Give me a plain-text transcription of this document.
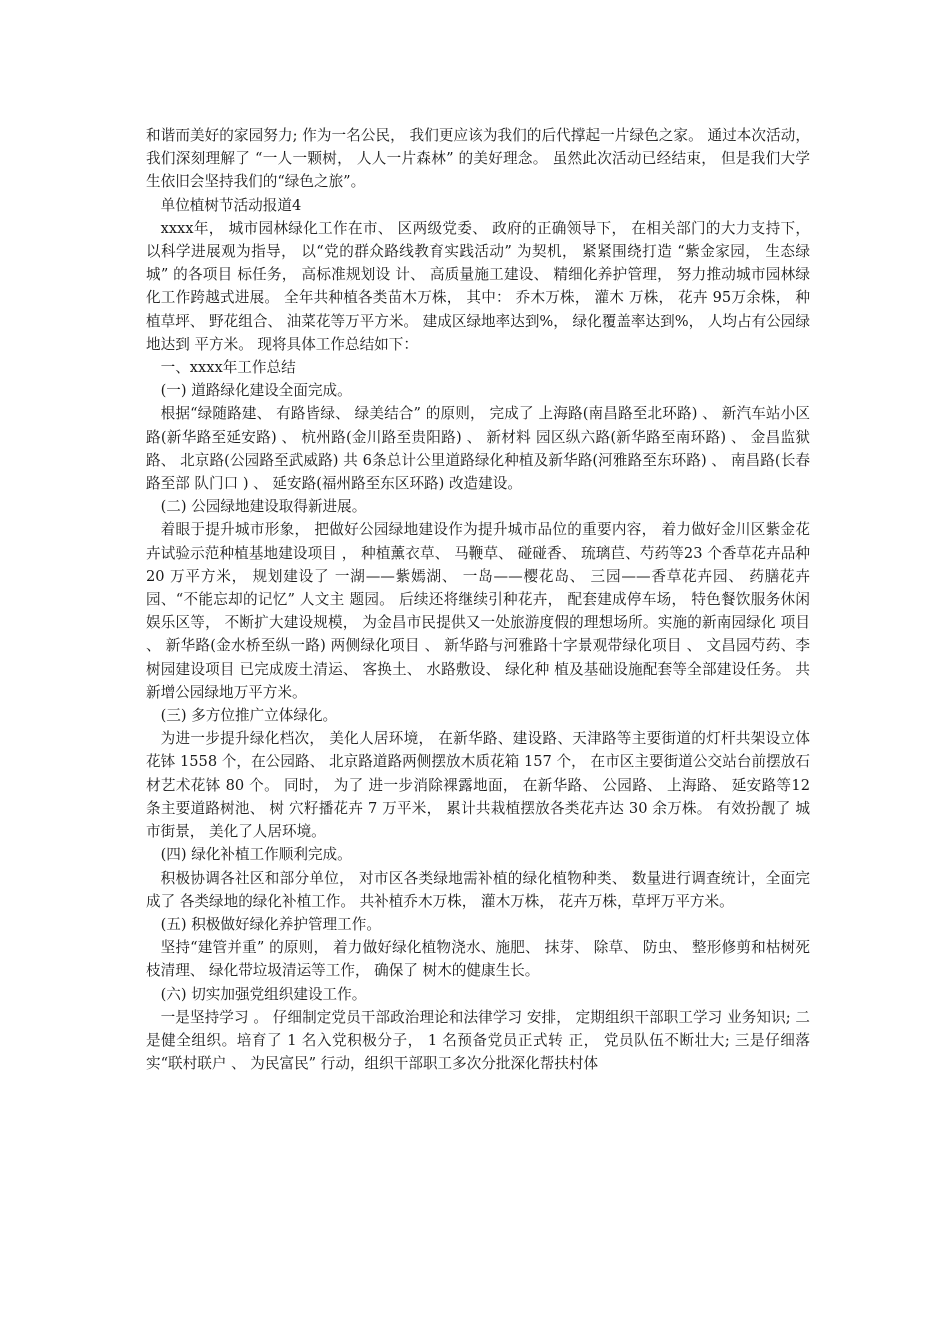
和谐而美好的家园努力; 作为一名公民， 我们更应该为我们的后代撑起一片绿色之家。 通过本次活动， 我们深刻理解了 “一人一颗树， 人人一片森林” 的美好理念。 虽然此次活动已经结束， 但是我们大学生依旧会坚持我们的“绿色之旅”。

单位植树节活动报道4

xxxx年， 城市园林绿化工作在市、 区两级党委、 政府的正确领导下， 在相关部门的大力支持下， 以科学进展观为指导， 以“党的群众路线教育实践活动” 为契机， 紧紧围绕打造 “紫金家园， 生态绿城” 的各项目 标任务， 高标准规划设 计、 高质量施工建设、 精细化养护管理， 努力推动城市园林绿化工作跨越式进展。 全年共种植各类苗木万株， 其中： 乔木万株， 灌木 万株， 花卉 95万余株， 种植草坪、 野花组合、 油菜花等万平方米。 建成区绿地率达到%， 绿化覆盖率达到%， 人均占有公园绿地达到 平方米。 现将具体工作总结如下：

一、xxxx年工作总结

(一) 道路绿化建设全面完成。

根据“绿随路建、 有路皆绿、 绿美结合” 的原则， 完成了 上海路(南昌路至北环路) 、 新汽车站小区路(新华路至延安路) 、 杭州路(金川路至贵阳路) 、 新材料 园区纵六路(新华路至南环路) 、 金昌监狱路、 北京路(公园路至武威路) 共 6条总计公里道路绿化种植及新华路(河雅路至东环路) 、 南昌路(长春路至部 队门口 ) 、 延安路(福州路至东区环路) 改造建设。

(二) 公园绿地建设取得新进展。

着眼于提升城市形象， 把做好公园绿地建设作为提升城市品位的重要内容， 着力做好金川区紫金花卉试验示范种植基地建设项目 ， 种植薰衣草、 马鞭草、 碰碰香、 琉璃苣、芍药等23 个香草花卉品种 20 万平方米， 规划建设了 一湖——紫嫣湖、 一岛——樱花岛、 三园——香草花卉园、 药膳花卉园、“不能忘却的记忆” 人文主 题园。 后续还将继续引种花卉， 配套建成停车场， 特色餐饮服务休闲娱乐区等， 不断扩大建设规模， 为金昌市民提供又一处旅游度假的理想场所。实施的新南园绿化 项目 、 新华路(金水桥至纵一路) 两侧绿化项目 、 新华路与河雅路十字景观带绿化项目 、 文昌园芍药、李树园建设项目 已完成废土清运、 客换土、 水路敷设、 绿化种 植及基础设施配套等全部建设任务。 共新增公园绿地万平方米。

(三) 多方位推广立体绿化。

为进一步提升绿化档次， 美化人居环境， 在新华路、建设路、天津路等主要街道的灯杆共架设立体花钵 1558 个，在公园路、 北京路道路两侧摆放木质花箱 157 个， 在市区主要街道公交站台前摆放石材艺术花钵 80 个。 同时， 为了 进一步消除裸露地面， 在新华路、 公园路、 上海路、 延安路等12 条主要道路树池、 树 穴籽播花卉 7 万平米， 累计共栽植摆放各类花卉达 30 余万株。 有效扮靓了 城市街景， 美化了人居环境。

(四) 绿化补植工作顺利完成。

积极协调各社区和部分单位， 对市区各类绿地需补植的绿化植物种类、 数量进行调查统计，全面完成了 各类绿地的绿化补植工作。 共补植乔木万株， 灌木万株， 花卉万株，草坪万平方米。

(五) 积极做好绿化养护管理工作。

坚持“建管并重” 的原则， 着力做好绿化植物浇水、施肥、 抹芽、 除草、 防虫、 整形修剪和枯树死枝清理、 绿化带垃圾清运等工作， 确保了 树木的健康生长。

(六) 切实加强党组织建设工作。

一是坚持学习 。 仔细制定党员干部政治理论和法律学习 安排， 定期组织干部职工学习 业务知识; 二是健全组织。培育了 1 名入党积极分子， 1 名预备党员正式转 正， 党员队伍不断壮大; 三是仔细落实“联村联户 、 为民富民” 行动，组织干部职工多次分批深化帮扶村体
